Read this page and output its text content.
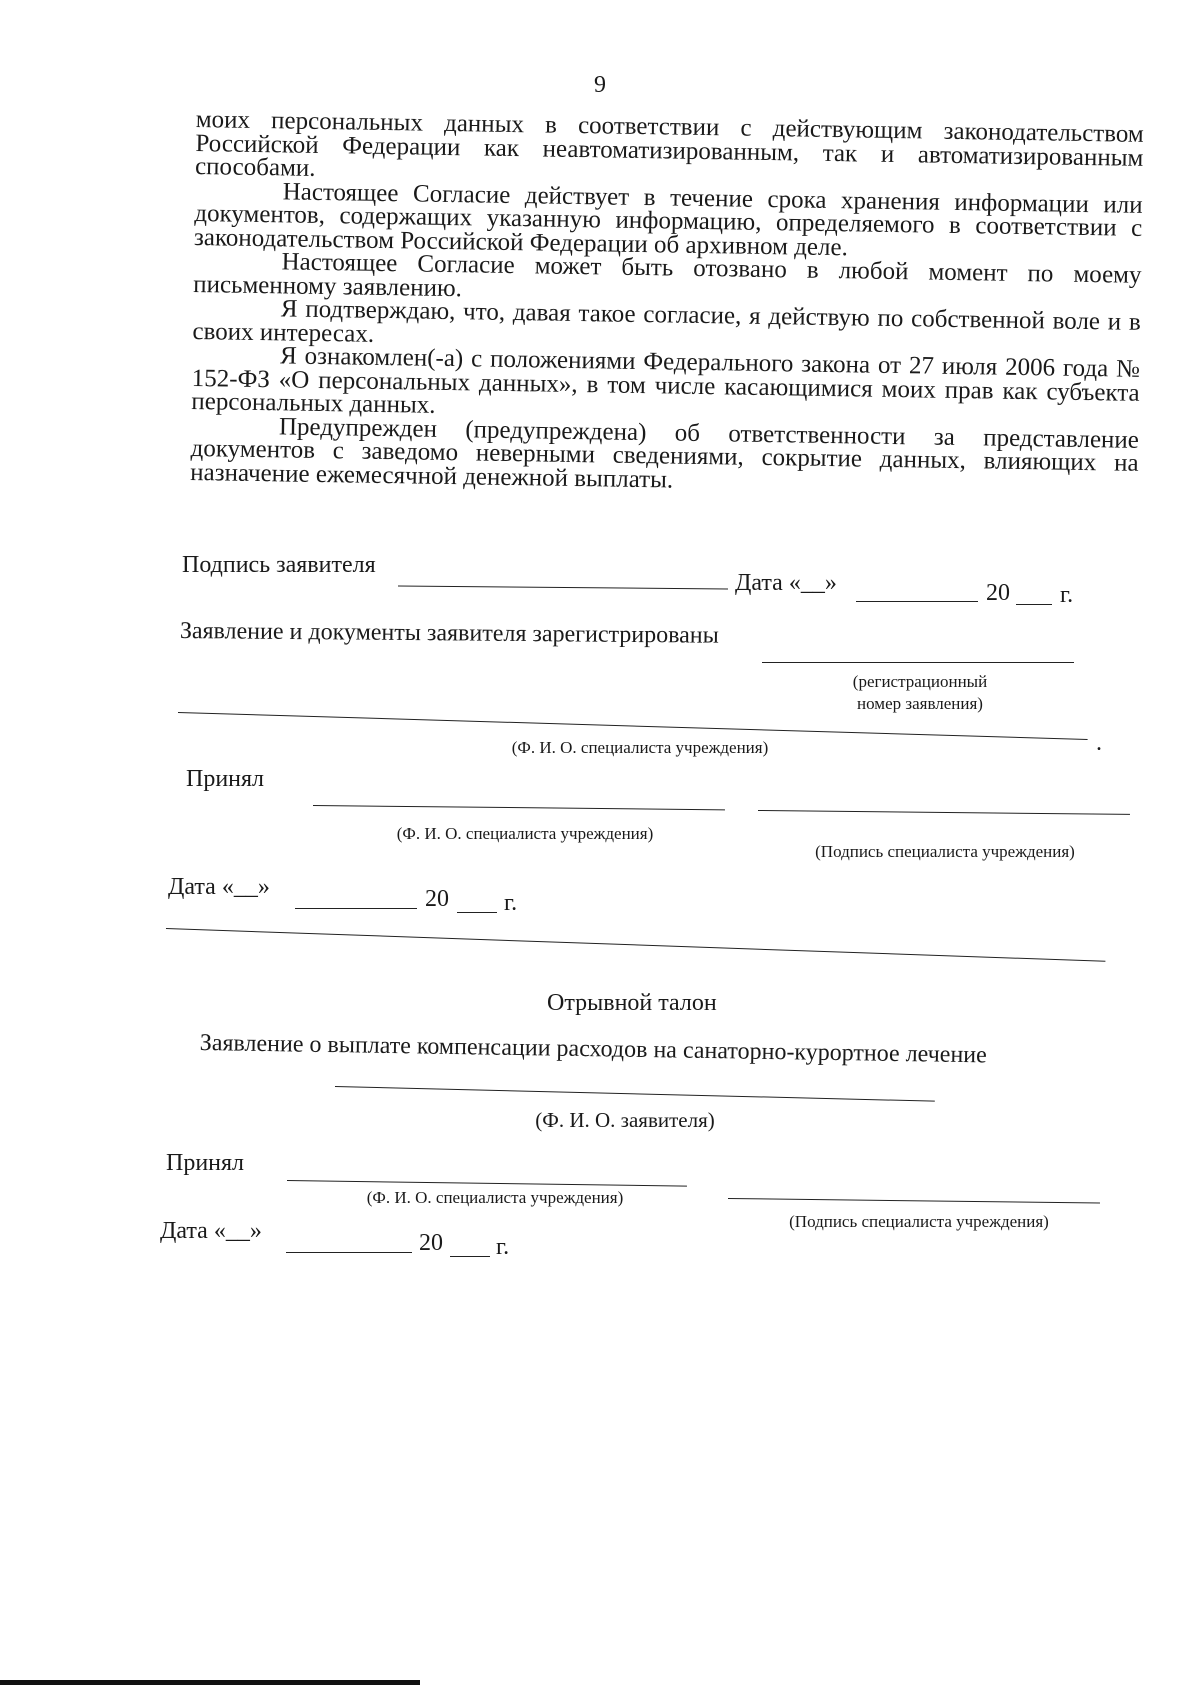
9

моих персональных данных в соответствии с действующим законодательством Российской Федерации как неавтоматизированным, так и автоматизированным способами.

Настоящее Согласие действует в течение срока хранения информации или документов, содержащих указанную информацию, определяемого в соответствии с законодательством Российской Федерации об архивном деле.

Настоящее Согласие может быть отозвано в любой момент по моему письменному заявлению.

Я подтверждаю, что, давая такое согласие, я действую по собственной воле и в своих интересах.

Я ознакомлен(-а) с положениями Федерального закона от 27 июля 2006 года № 152-ФЗ «О персональных данных», в том числе касающимися моих прав как субъекта персональных данных.

Предупрежден (предупреждена) об ответственности за представление документов с заведомо неверными сведениями, сокрытие данных, влияющих на назначение ежемесячной денежной выплаты.

Подпись заявителя
Дата «__»	20 г.
Заявление и документы заявителя зарегистрированы
(регистрационный
номер заявления)
.
(Ф. И. О. специалиста учреждения)
Принял
(Ф. И. О. специалиста учреждения)
(Подпись специалиста учреждения)
Дата «__»	20 г.
Отрывной талон
Заявление о выплате компенсации расходов на санаторно-курортное лечение
(Ф. И. О. заявителя)
Принял
(Ф. И. О. специалиста учреждения)
(Подпись специалиста учреждения)
Дата «__»	20 г.
